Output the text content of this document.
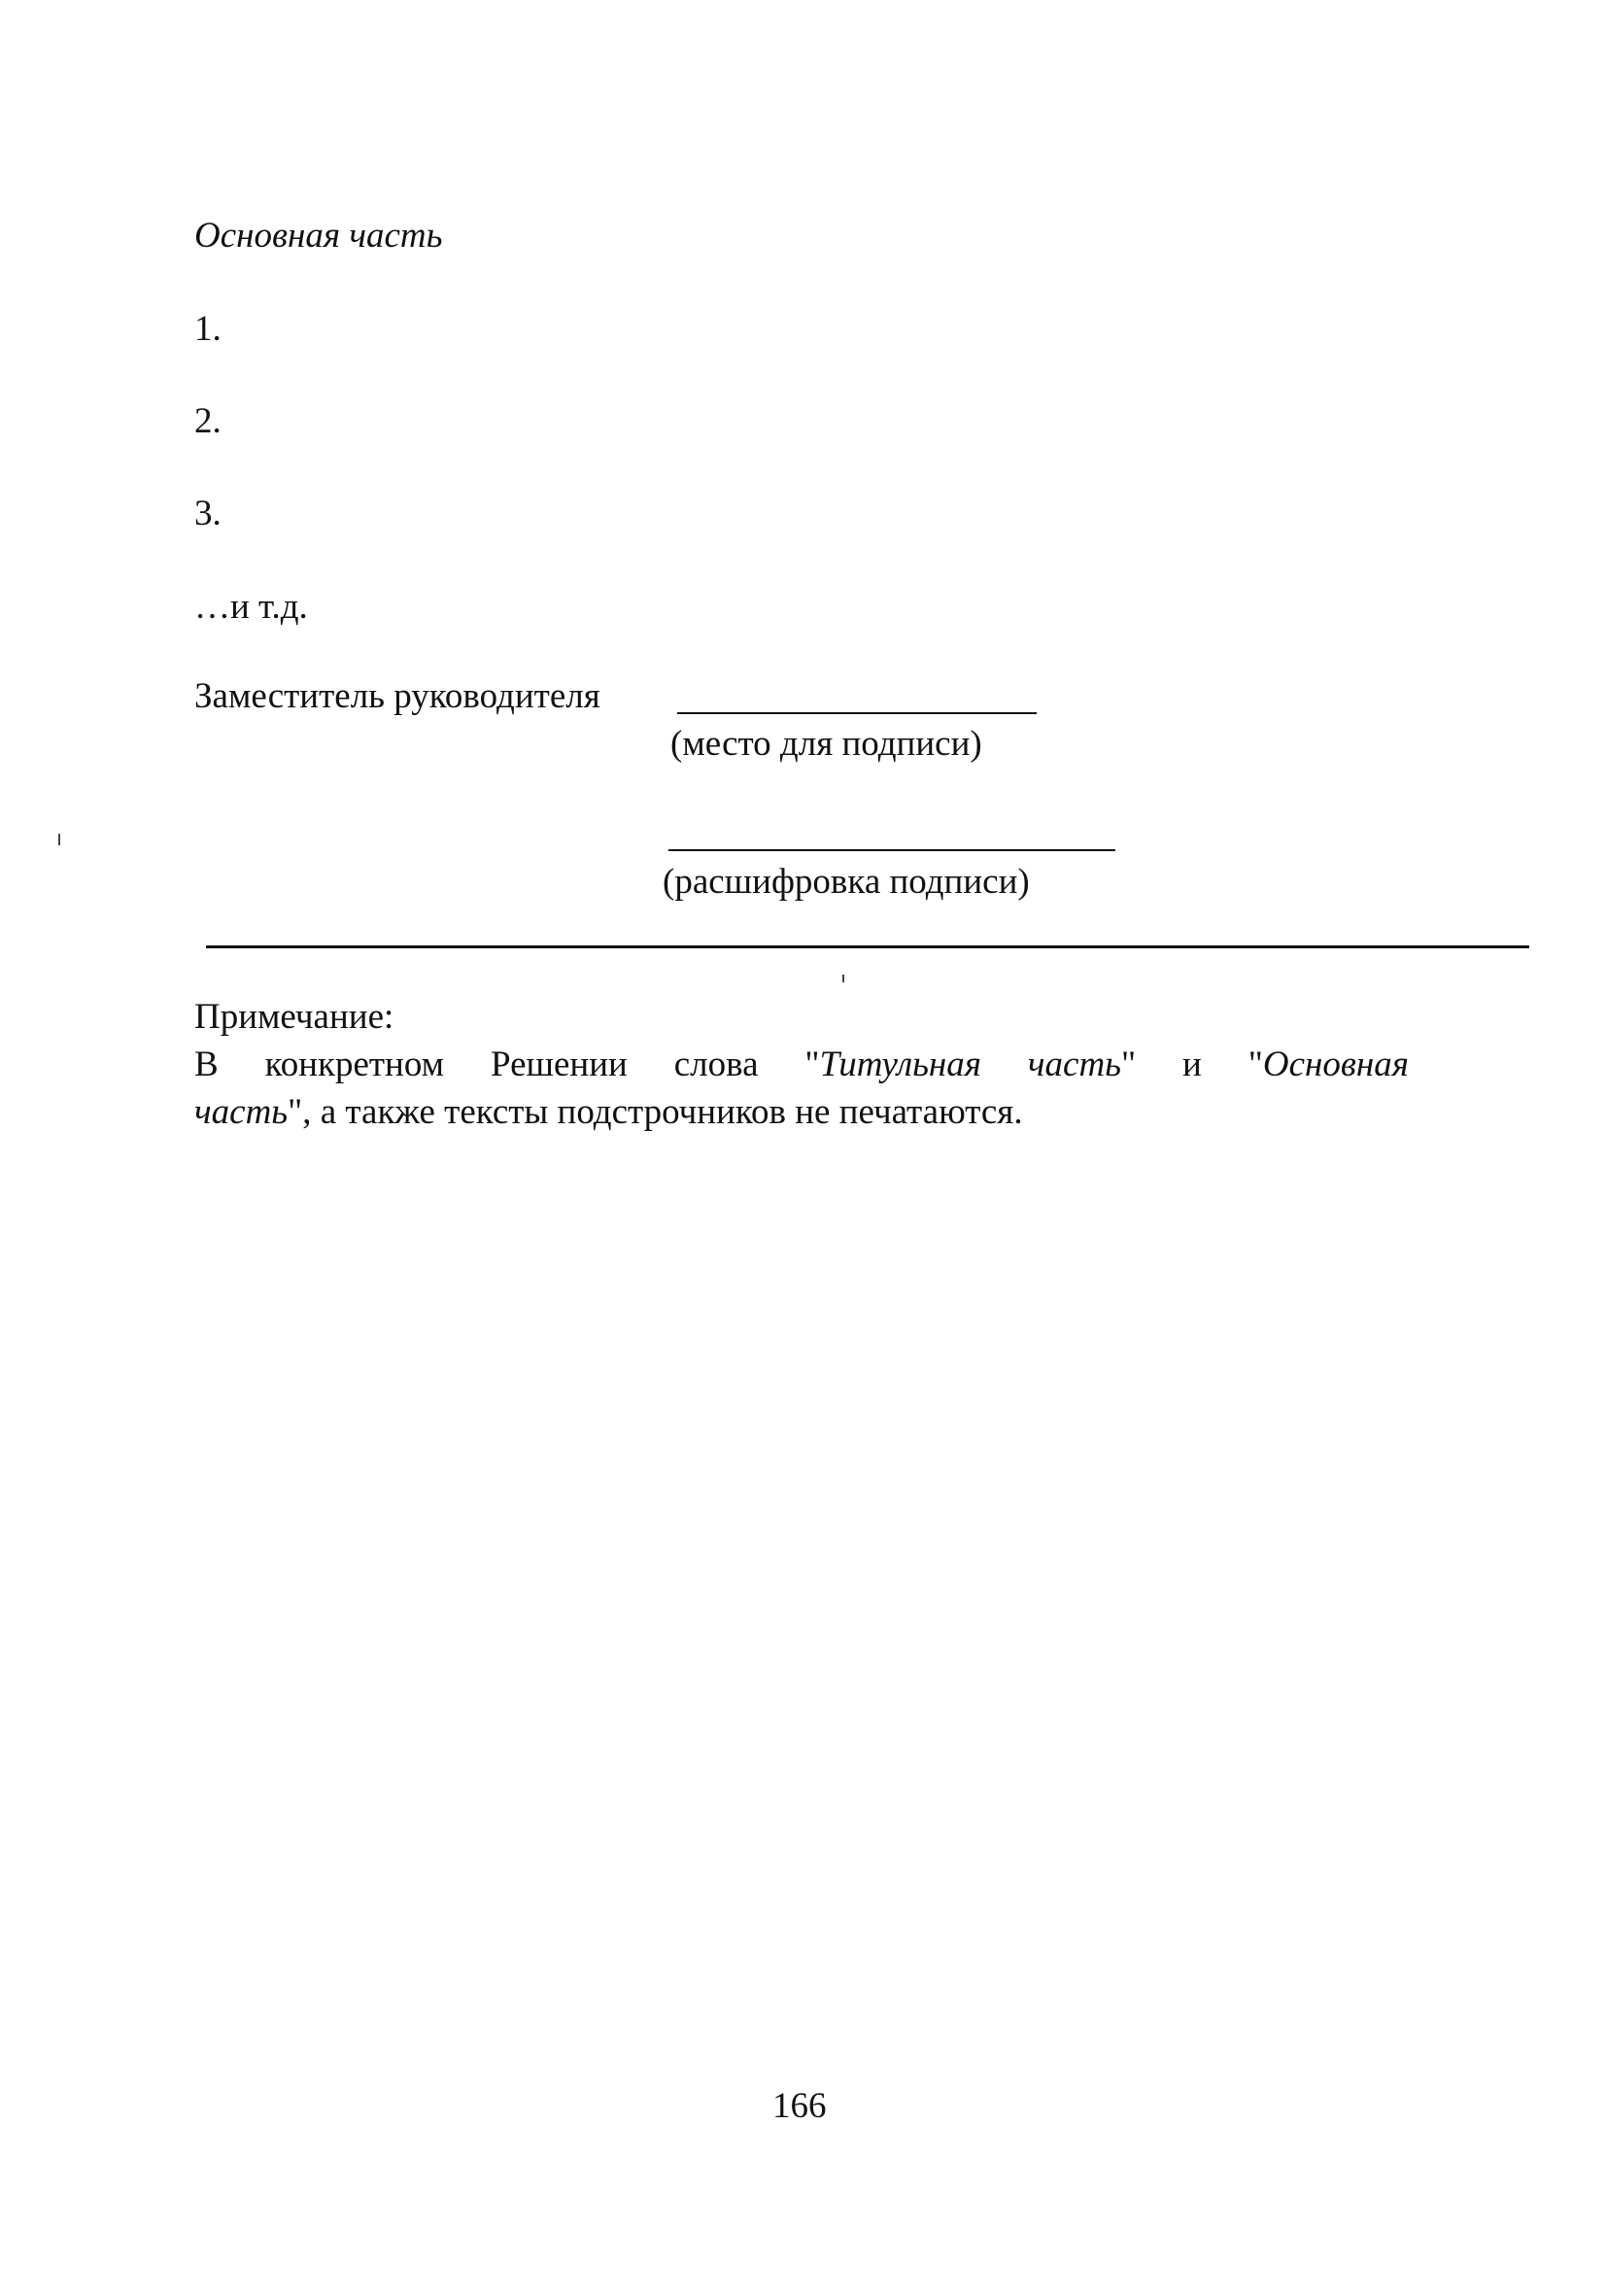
Основная часть
1.
2.
3.
…и т.д.
Заместитель руководителя
(место для подписи)
(расшифровка подписи)
Примечание:
В конкретном Решении слова "Титульная часть" и "Основная
часть", а также тексты подстрочников не печатаются.
166
